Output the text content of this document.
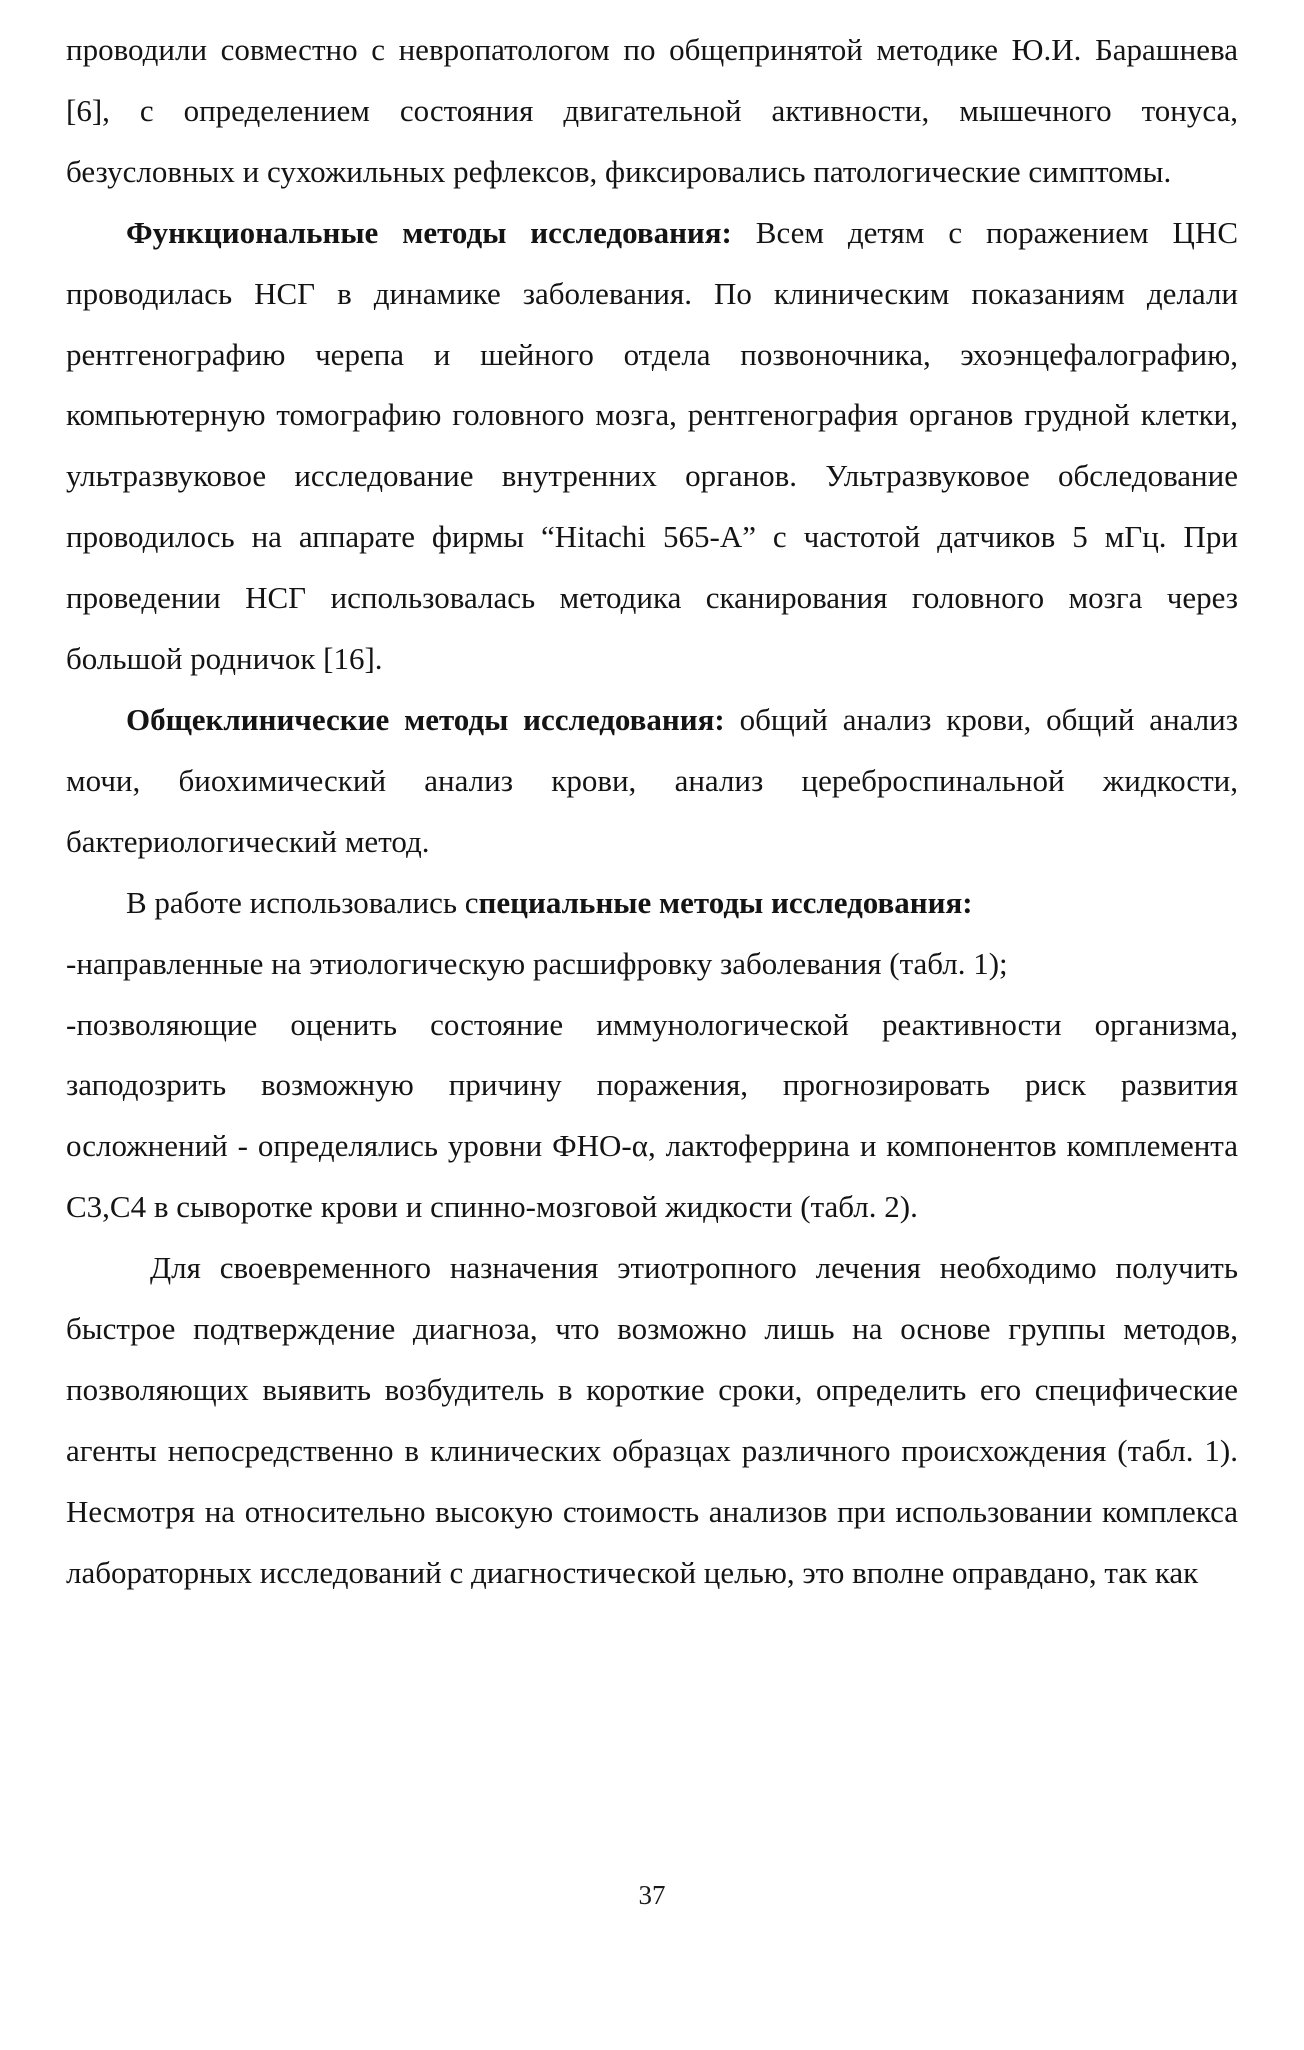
проводили совместно с невропатологом по общепринятой методике Ю.И. Барашнева [6], с определением состояния двигательной активности, мышечного тонуса, безусловных и сухожильных рефлексов, фиксировались патологические симптомы.

Функциональные методы исследования: Всем детям с поражением ЦНС проводилась НСГ в динамике заболевания. По клиническим показаниям делали рентгенографию черепа и шейного отдела позвоночника, эхоэнцефалографию, компьютерную томографию головного мозга, рентгенография органов грудной клетки, ультразвуковое исследование внутренних органов. Ультразвуковое обследование проводилось на аппарате фирмы “Hitachi 565-A” с частотой датчиков 5 мГц. При проведении НСГ использовалась методика сканирования головного мозга через большой родничок [16].

Общеклинические методы исследования: общий анализ крови, общий анализ мочи, биохимический анализ крови, анализ цереброспинальной жидкости, бактериологический метод.

В работе использовались специальные методы исследования:

-направленные на этиологическую расшифровку заболевания (табл. 1);

-позволяющие оценить состояние иммунологической реактивности организма, заподозрить возможную причину поражения, прогнозировать риск развития осложнений - определялись уровни ФНО-α, лактоферрина и компонентов комплемента С3,С4 в сыворотке крови и спинно-мозговой жидкости (табл. 2).

Для своевременного назначения этиотропного лечения необходимо получить быстрое подтверждение диагноза, что возможно лишь на основе группы методов, позволяющих выявить возбудитель в короткие сроки, определить его специфические агенты непосредственно в клинических образцах различного происхождения (табл. 1). Несмотря на относительно высокую стоимость анализов при использовании комплекса лабораторных исследований с диагностической целью, это вполне оправдано, так как

37
